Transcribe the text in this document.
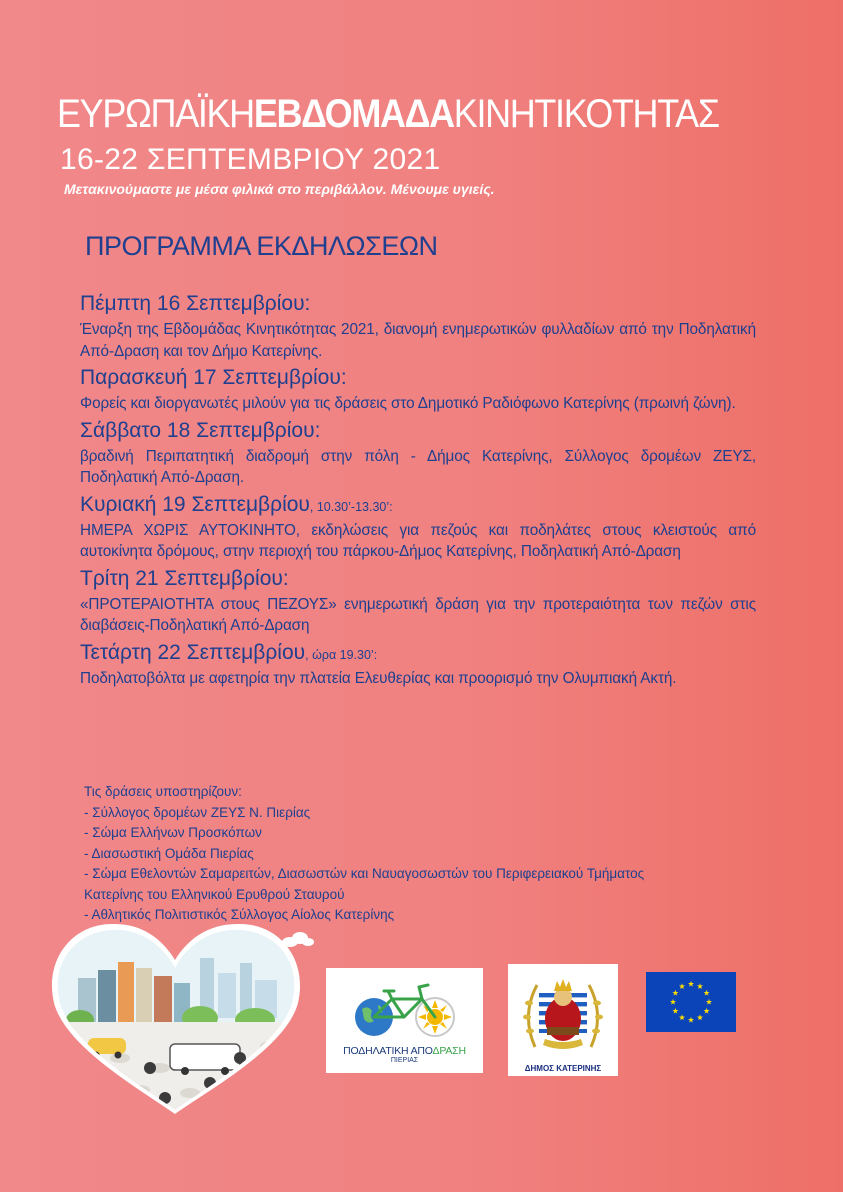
ΕΥΡΩΠΑΪΚΗΕΒΔΟΜΑΔΑΚΙΝΗΤΙΚΟΤΗΤΑΣ
16-22 ΣΕΠΤΕΜΒΡΙΟΥ 2021
Μετακινούμαστε με μέσα φιλικά στο περιβάλλον. Μένουμε υγιείς.
ΠΡΟΓΡΑΜΜΑ ΕΚΔΗΛΩΣΕΩΝ
Πέμπτη 16 Σεπτεμβρίου:
Έναρξη της Εβδομάδας Κινητικότητας 2021, διανομή ενημερωτικών φυλλαδίων από την Ποδηλατική Από-Δραση και τον Δήμο Κατερίνης.
Παρασκευή 17 Σεπτεμβρίου:
Φορείς και διοργανωτές μιλούν για τις δράσεις στο Δημοτικό Ραδιόφωνο Κατερίνης (πρωινή ζώνη).
Σάββατο 18 Σεπτεμβρίου:
βραδινή Περιπατητική διαδρομή στην πόλη - Δήμος Κατερίνης, Σύλλογος δρομέων ΖΕΥΣ, Ποδηλατική Από-Δραση.
Κυριακή 19 Σεπτεμβρίου, 10.30’-13.30’:
ΗΜΕΡΑ ΧΩΡΙΣ ΑΥΤΟΚΙΝΗΤΟ, εκδηλώσεις για πεζούς και ποδηλάτες στους κλειστούς από αυτοκίνητα δρόμους, στην περιοχή του πάρκου-Δήμος Κατερίνης, Ποδηλατική Από-Δραση
Τρίτη 21 Σεπτεμβρίου:
«ΠΡΟΤΕΡΑΙΟΤΗΤΑ στους ΠΕΖΟΥΣ» ενημερωτική δράση για την προτεραιότητα των πεζών στις διαβάσεις-Ποδηλατική Από-Δραση
Τετάρτη 22 Σεπτεμβρίου, ώρα 19.30’:
Ποδηλατοβόλτα με αφετηρία την πλατεία Ελευθερίας και προορισμό την Ολυμπιακή Ακτή.
Τις δράσεις υποστηρίζουν:
- Σύλλογος δρομέων ΖΕΥΣ Ν. Πιερίας
- Σώμα Ελλήνων Προσκόπων
- Διασωστική Ομάδα Πιερίας
- Σώμα Εθελοντών Σαμαρειτών, Διασωστών και Ναυαγοσωστών του Περιφερειακού Τμήματος
Κατερίνης του Ελληνικού Ερυθρού Σταυρού
- Αθλητικός Πολιτιστικός Σύλλογος Αίολος Κατερίνης
ΠΟΔΗΛΑΤΙΚΗ ΑΠΟΔΡΑΣΗ
ΠΙΕΡΙΑΣ
ΔΗΜΟΣ ΚΑΤΕΡΙΝΗΣ
